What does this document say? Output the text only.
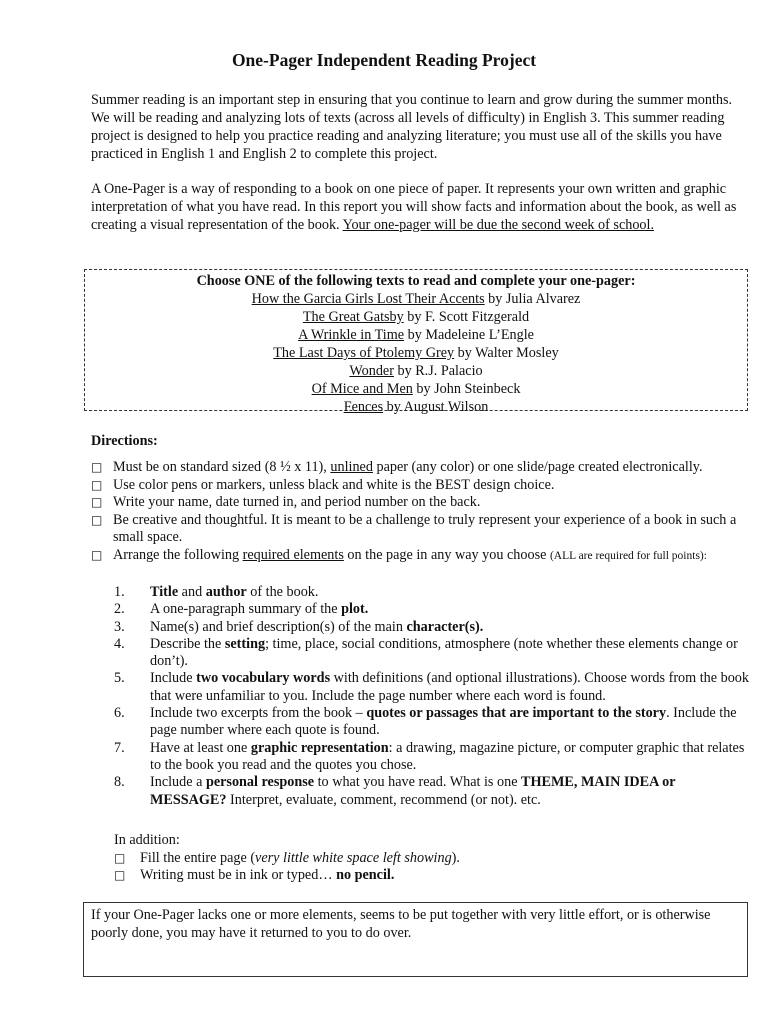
One-Pager Independent Reading Project

Summer reading is an important step in ensuring that you continue to learn and grow during the summer months. We will be reading and analyzing lots of texts (across all levels of difficulty) in English 3. This summer reading project is designed to help you practice reading and analyzing literature; you must use all of the skills you have practiced in English 1 and English 2 to complete this project.

A One-Pager is a way of responding to a book on one piece of paper. It represents your own written and graphic interpretation of what you have read. In this report you will show facts and information about the book, as well as creating a visual representation of the book. Your one-pager will be due the second week of school.

Choose ONE of the following texts to read and complete your one-pager:
How the Garcia Girls Lost Their Accents by Julia Alvarez
The Great Gatsby by F. Scott Fitzgerald
A Wrinkle in Time by Madeleine L’Engle
The Last Days of Ptolemy Grey by Walter Mosley
Wonder by R.J. Palacio
Of Mice and Men by John Steinbeck
Fences by August Wilson
Directions:
□ Must be on standard sized (8 ½ x 11), unlined paper (any color) or one slide/page created electronically.
□ Use color pens or markers, unless black and white is the BEST design choice.
□ Write your name, date turned in, and period number on the back.
□ Be creative and thoughtful. It is meant to be a challenge to truly represent your experience of a book in such a small space.
□ Arrange the following required elements on the page in any way you choose (ALL are required for full points):
1.	Title and author of the book.
2.	A one-paragraph summary of the plot.
3.	Name(s) and brief description(s) of the main character(s).
4.	Describe the setting; time, place, social conditions, atmosphere (note whether these elements change or don’t).
5.	Include two vocabulary words with definitions (and optional illustrations). Choose words from the book that were unfamiliar to you. Include the page number where each word is found.
6.	Include two excerpts from the book – quotes or passages that are important to the story. Include the page number where each quote is found.
7.	Have at least one graphic representation: a drawing, magazine picture, or computer graphic that relates to the book you read and the quotes you chose.
8.	Include a personal response to what you have read. What is one THEME, MAIN IDEA or MESSAGE? Interpret, evaluate, comment, recommend (or not). etc.
In addition:
□	Fill the entire page (very little white space left showing).
□	Writing must be in ink or typed… no pencil.
If your One-Pager lacks one or more elements, seems to be put together with very little effort, or is otherwise poorly done, you may have it returned to you to do over.
